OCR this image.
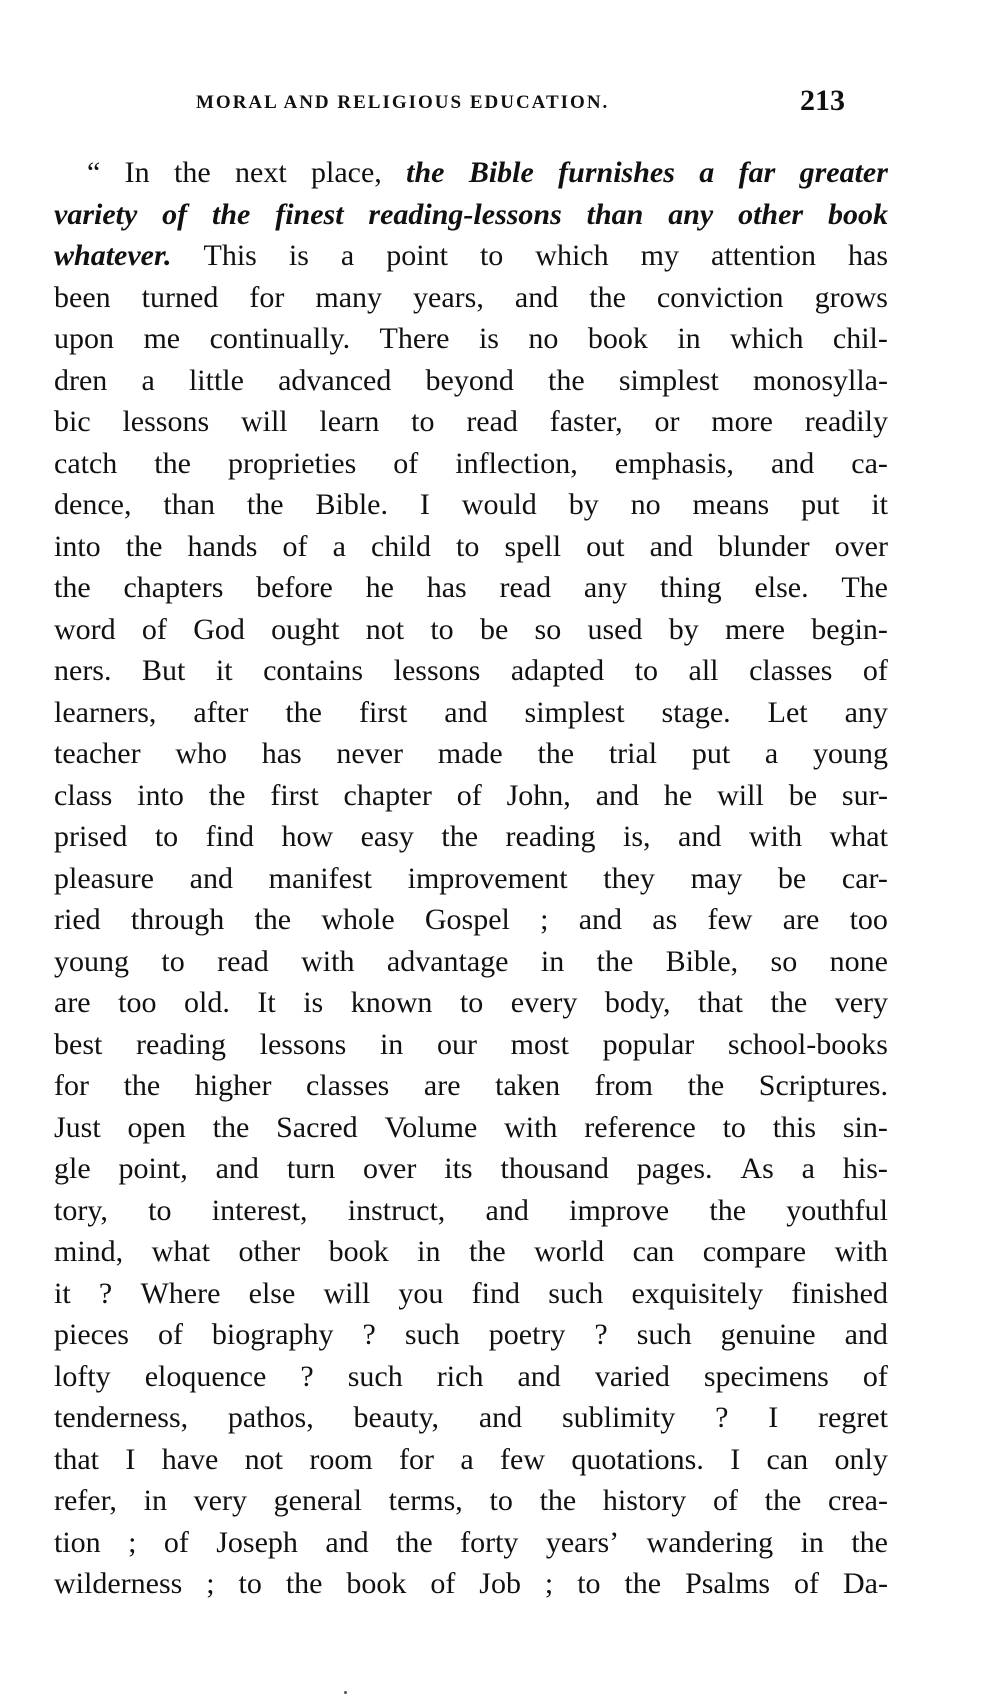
MORAL AND RELIGIOUS EDUCATION.	213
“ In the next place, the Bible furnishes a far greater
variety of the finest reading-lessons than any other book
whatever. This is a point to which my attention has
been turned for many years, and the conviction grows
upon me continually. There is no book in which chil-
dren a little advanced beyond the simplest monosylla-
bic lessons will learn to read faster, or more readily
catch the proprieties of inflection, emphasis, and ca-
dence, than the Bible. I would by no means put it
into the hands of a child to spell out and blunder over
the chapters before he has read any thing else. The
word of God ought not to be so used by mere begin-
ners. But it contains lessons adapted to all classes of
learners, after the first and simplest stage. Let any
teacher who has never made the trial put a young
class into the first chapter of John, and he will be sur-
prised to find how easy the reading is, and with what
pleasure and manifest improvement they may be car-
ried through the whole Gospel ; and as few are too
young to read with advantage in the Bible, so none
are too old. It is known to every body, that the very
best reading lessons in our most popular school-books
for the higher classes are taken from the Scriptures.
Just open the Sacred Volume with reference to this sin-
gle point, and turn over its thousand pages. As a his-
tory, to interest, instruct, and improve the youthful
mind, what other book in the world can compare with
it ? Where else will you find such exquisitely finished
pieces of biography ? such poetry ? such genuine and
lofty eloquence ? such rich and varied specimens of
tenderness, pathos, beauty, and sublimity ? I regret
that I have not room for a few quotations. I can only
refer, in very general terms, to the history of the crea-
tion ; of Joseph and the forty years’ wandering in the
wilderness ; to the book of Job ; to the Psalms of Da-
